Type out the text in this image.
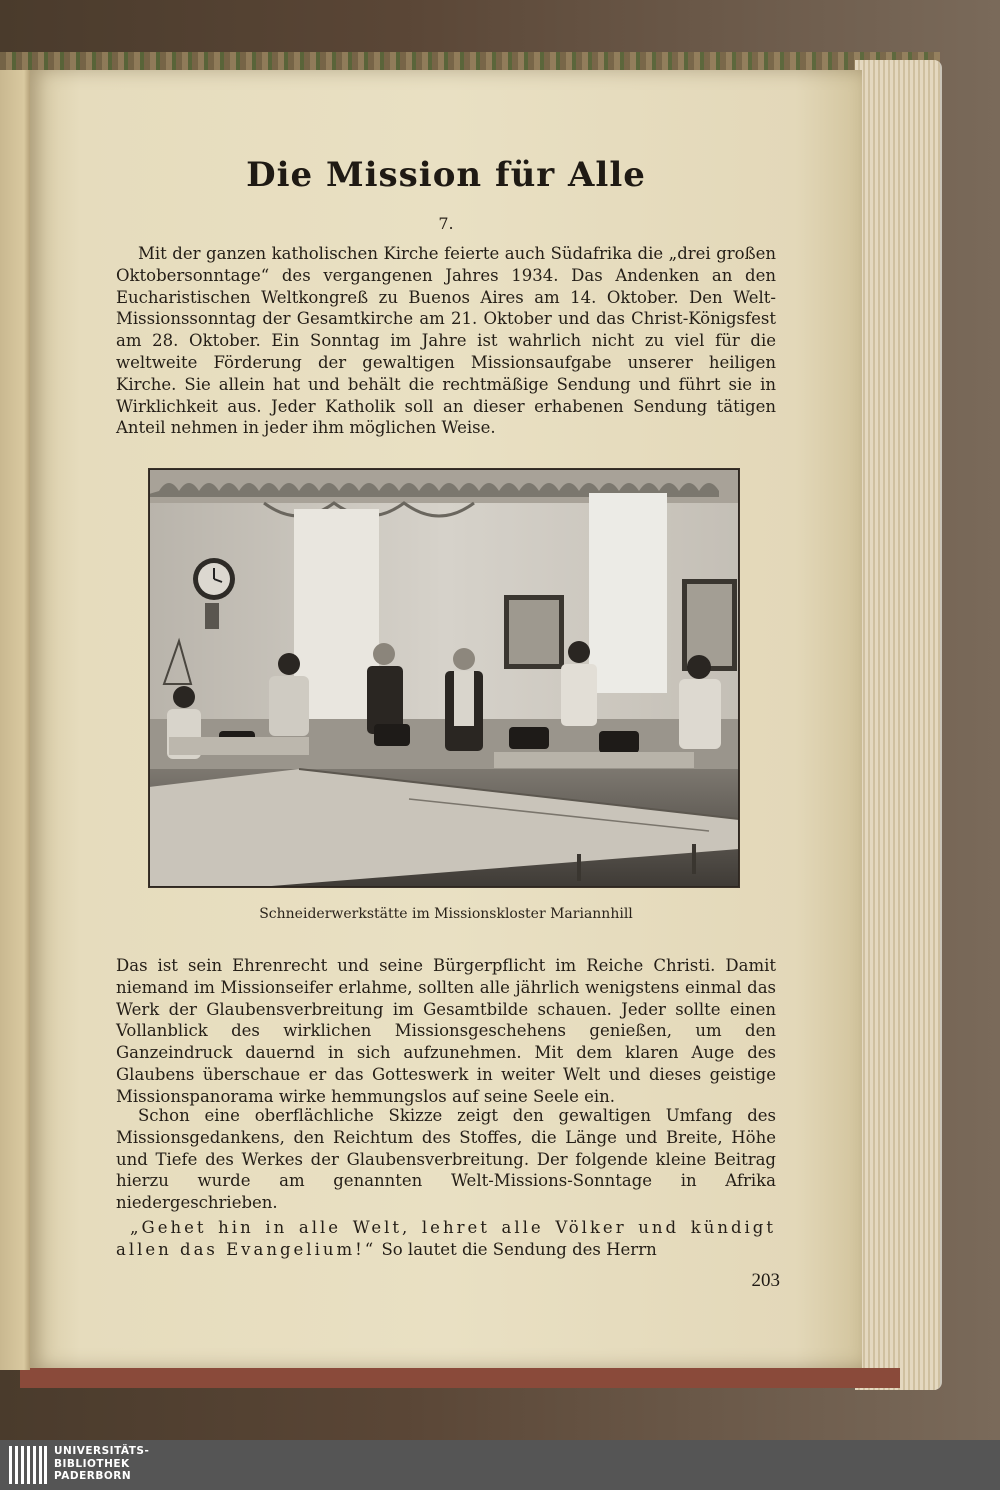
Die Mission für Alle
7.

Mit der ganzen katholischen Kirche feierte auch Südafrika die „drei großen Oktobersonntage“ des vergangenen Jahres 1934. Das Andenken an den Eucharistischen Weltkongreß zu Buenos Aires am 14. Oktober. Den Welt-Missionssonntag der Gesamtkirche am 21. Oktober und das Christ-Königsfest am 28. Oktober. Ein Sonntag im Jahre ist wahrlich nicht zu viel für die weltweite Förderung der gewaltigen Missionsaufgabe unserer heiligen Kirche. Sie allein hat und behält die rechtmäßige Sendung und führt sie in Wirklichkeit aus. Jeder Katholik soll an dieser erhabenen Sendung tätigen Anteil nehmen in jeder ihm möglichen Weise.

Schneiderwerkstätte im Missionskloster Mariannhill

Das ist sein Ehrenrecht und seine Bürgerpflicht im Reiche Christi. Damit niemand im Missionseifer erlahme, sollten alle jährlich wenigstens einmal das Werk der Glaubensverbreitung im Gesamtbilde schauen. Jeder sollte einen Vollanblick des wirklichen Missionsgeschehens genießen, um den Ganzeindruck dauernd in sich aufzunehmen. Mit dem klaren Auge des Glaubens überschaue er das Gotteswerk in weiter Welt und dieses geistige Missionspanorama wirke hemmungslos auf seine Seele ein.

Schon eine oberflächliche Skizze zeigt den gewaltigen Umfang des Missionsgedankens, den Reichtum des Stoffes, die Länge und Breite, Höhe und Tiefe des Werkes der Glaubensverbreitung. Der folgende kleine Beitrag hierzu wurde am genannten Welt-Missions-Sonntage in Afrika niedergeschrieben.

„Gehet hin in alle Welt, lehret alle Völker und kündigt allen das Evangelium!“ So lautet die Sendung des Herrn

203
UNIVERSITÄTS-
BIBLIOTHEK
PADERBORN
